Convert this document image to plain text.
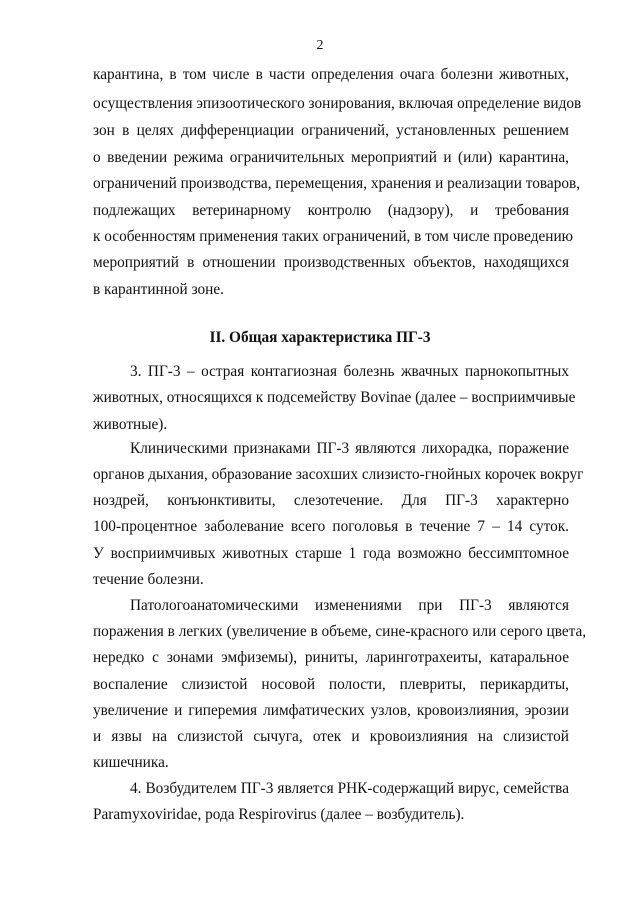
2
карантина, в том числе в части определения очага болезни животных,
осуществления эпизоотического зонирования, включая определение видов
зон в целях дифференциации ограничений, установленных решением
о введении режима ограничительных мероприятий и (или) карантина,
ограничений производства, перемещения, хранения и реализации товаров,
подлежащих ветеринарному контролю (надзору), и требования
к особенностям применения таких ограничений, в том числе проведению
мероприятий в отношении производственных объектов, находящихся
в карантинной зоне.
II. Общая характеристика ПГ-3
3. ПГ-3 – острая контагиозная болезнь жвачных парнокопытных
животных, относящихся к подсемейству Bovinae (далее – восприимчивые
животные).
Клиническими признаками ПГ-3 являются лихорадка, поражение
органов дыхания, образование засохших слизисто-гнойных корочек вокруг
ноздрей, конъюнктивиты, слезотечение. Для ПГ-3 характерно
100-процентное заболевание всего поголовья в течение 7 – 14 суток.
У восприимчивых животных старше 1 года возможно бессимптомное
течение болезни.
Патологоанатомическими изменениями при ПГ-3 являются
поражения в легких (увеличение в объеме, сине-красного или серого цвета,
нередко с зонами эмфиземы), риниты, ларинготрахеиты, катаральное
воспаление слизистой носовой полости, плевриты, перикардиты,
увеличение и гиперемия лимфатических узлов, кровоизлияния, эрозии
и язвы на слизистой сычуга, отек и кровоизлияния на слизистой
кишечника.
4. Возбудителем ПГ-3 является РНК-содержащий вирус, семейства
Paramyxoviridae, рода Respirovirus (далее – возбудитель).
